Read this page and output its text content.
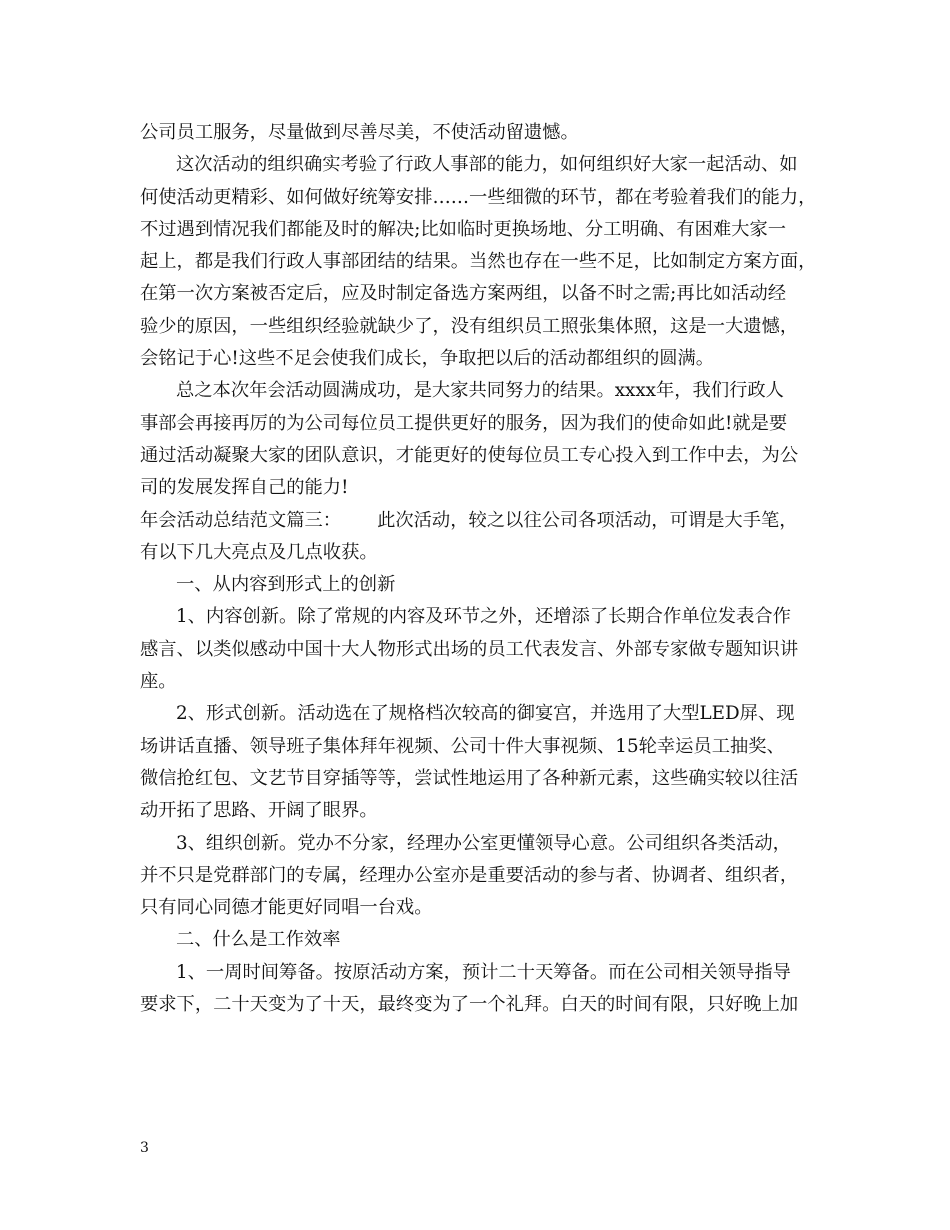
公司员工服务，尽量做到尽善尽美，不使活动留遗憾。
这次活动的组织确实考验了行政人事部的能力，如何组织好大家一起活动、如
何使活动更精彩、如何做好统筹安排……一些细微的环节，都在考验着我们的能力，
不过遇到情况我们都能及时的解决;比如临时更换场地、分工明确、有困难大家一
起上，都是我们行政人事部团结的结果。当然也存在一些不足，比如制定方案方面，
在第一次方案被否定后，应及时制定备选方案两组，以备不时之需;再比如活动经
验少的原因，一些组织经验就缺少了，没有组织员工照张集体照，这是一大遗憾，
会铭记于心!这些不足会使我们成长，争取把以后的活动都组织的圆满。
总之本次年会活动圆满成功，是大家共同努力的结果。xxxx年，我们行政人
事部会再接再厉的为公司每位员工提供更好的服务，因为我们的使命如此!就是要
通过活动凝聚大家的团队意识，才能更好的使每位员工专心投入到工作中去，为公
司的发展发挥自己的能力!
年会活动总结范文篇三： 此次活动，较之以往公司各项活动，可谓是大手笔，
有以下几大亮点及几点收获。
一、从内容到形式上的创新
1、内容创新。除了常规的内容及环节之外，还增添了长期合作单位发表合作
感言、以类似感动中国十大人物形式出场的员工代表发言、外部专家做专题知识讲
座。
2、形式创新。活动选在了规格档次较高的御宴宫，并选用了大型LED屏、现
场讲话直播、领导班子集体拜年视频、公司十件大事视频、15轮幸运员工抽奖、
微信抢红包、文艺节目穿插等等，尝试性地运用了各种新元素，这些确实较以往活
动开拓了思路、开阔了眼界。
3、组织创新。党办不分家，经理办公室更懂领导心意。公司组织各类活动，
并不只是党群部门的专属，经理办公室亦是重要活动的参与者、协调者、组织者，
只有同心同德才能更好同唱一台戏。
二、什么是工作效率
1、一周时间筹备。按原活动方案，预计二十天筹备。而在公司相关领导指导
要求下，二十天变为了十天，最终变为了一个礼拜。白天的时间有限，只好晚上加
3
